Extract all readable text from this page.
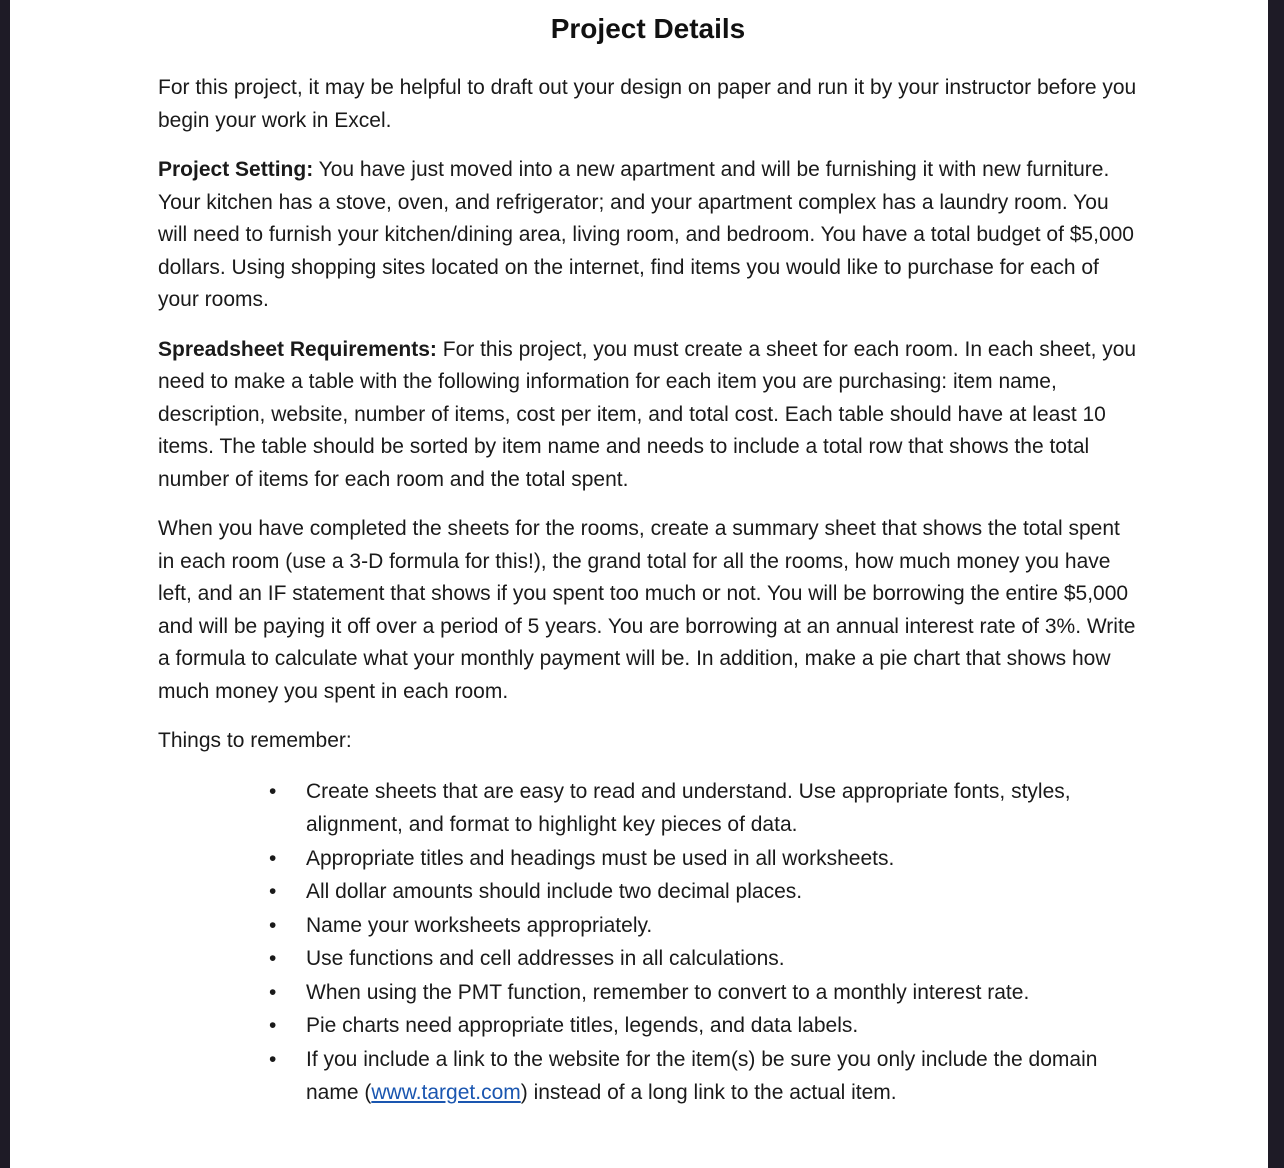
Project Details

For this project, it may be helpful to draft out your design on paper and run it by your instructor before you begin your work in Excel.

Project Setting: You have just moved into a new apartment and will be furnishing it with new furniture. Your kitchen has a stove, oven, and refrigerator; and your apartment complex has a laundry room. You will need to furnish your kitchen/dining area, living room, and bedroom. You have a total budget of $5,000 dollars. Using shopping sites located on the internet, find items you would like to purchase for each of your rooms.

Spreadsheet Requirements: For this project, you must create a sheet for each room. In each sheet, you need to make a table with the following information for each item you are purchasing: item name, description, website, number of items, cost per item, and total cost. Each table should have at least 10 items. The table should be sorted by item name and needs to include a total row that shows the total number of items for each room and the total spent.

When you have completed the sheets for the rooms, create a summary sheet that shows the total spent in each room (use a 3-D formula for this!), the grand total for all the rooms, how much money you have left, and an IF statement that shows if you spent too much or not. You will be borrowing the entire $5,000 and will be paying it off over a period of 5 years. You are borrowing at an annual interest rate of 3%. Write a formula to calculate what your monthly payment will be. In addition, make a pie chart that shows how much money you spent in each room.

Things to remember:

• Create sheets that are easy to read and understand. Use appropriate fonts, styles, alignment, and format to highlight key pieces of data.
• Appropriate titles and headings must be used in all worksheets.
• All dollar amounts should include two decimal places.
• Name your worksheets appropriately.
• Use functions and cell addresses in all calculations.
• When using the PMT function, remember to convert to a monthly interest rate.
• Pie charts need appropriate titles, legends, and data labels.
• If you include a link to the website for the item(s) be sure you only include the domain name (www.target.com) instead of a long link to the actual item.
